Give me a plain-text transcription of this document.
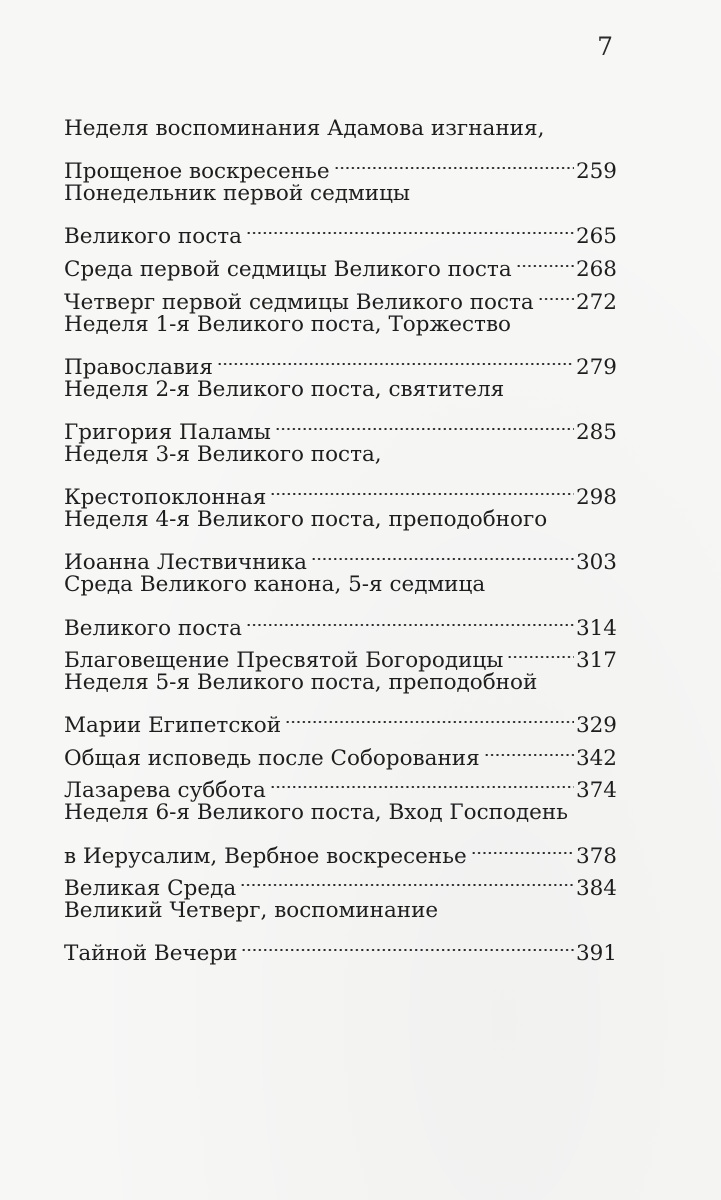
7
Неделя воспоминания Адамова изгнания,
Прощеное воскресенье	259
Понедельник первой седмицы
Великого поста	265
Среда первой седмицы Великого поста	268
Четверг первой седмицы Великого поста 272
Неделя 1-я Великого поста, Торжество
Православия	279
Неделя 2-я Великого поста, святителя
Григория Паламы	285
Неделя 3-я Великого поста,
Крестопоклонная	298
Неделя 4-я Великого поста, преподобного
Иоанна Лествичника	303
Среда Великого канона, 5-я седмица
Великого поста	314
Благовещение Пресвятой Богородицы	317
Неделя 5-я Великого поста, преподобной
Марии Египетской	329
Общая исповедь после Соборования	342
Лазарева суббота	374
Неделя 6-я Великого поста, Вход Господень
в Иерусалим, Вербное воскресенье	378
Великая Среда	384
Великий Четверг, воспоминание
Тайной Вечери	391
